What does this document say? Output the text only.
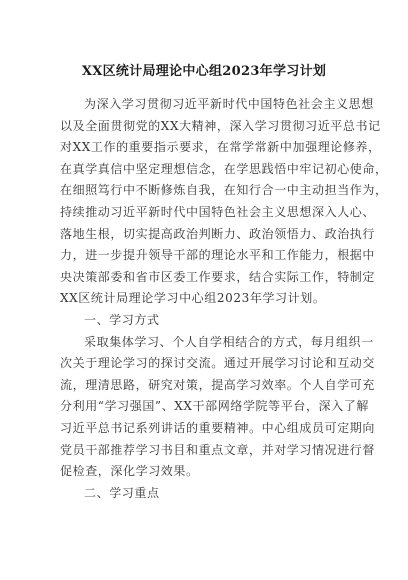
XX区统计局理论中心组2023年学习计划
为深入学习贯彻习近平新时代中国特色社会主义思想
以及全面贯彻党的XX大精神，深入学习贯彻习近平总书记
对XX工作的重要指示要求，在常学常新中加强理论修养，
在真学真信中坚定理想信念，在学思践悟中牢记初心使命，
在细照笃行中不断修炼自我，在知行合一中主动担当作为，
持续推动习近平新时代中国特色社会主义思想深入人心、
落地生根，切实提高政治判断力、政治领悟力、政治执行
力，进一步提升领导干部的理论水平和工作能力，根据中
央决策部委和省市区委工作要求，结合实际工作，特制定
XX区统计局理论学习中心组2023年学习计划。
一、学习方式
采取集体学习、个人自学相结合的方式，每月组织一
次关于理论学习的探讨交流。通过开展学习讨论和互动交
流，理清思路，研究对策，提高学习效率。个人自学可充
分利用“学习强国”、XX干部网络学院等平台，深入了解
习近平总书记系列讲话的重要精神。中心组成员可定期向
党员干部推荐学习书目和重点文章，并对学习情况进行督
促检查，深化学习效果。
二、学习重点
